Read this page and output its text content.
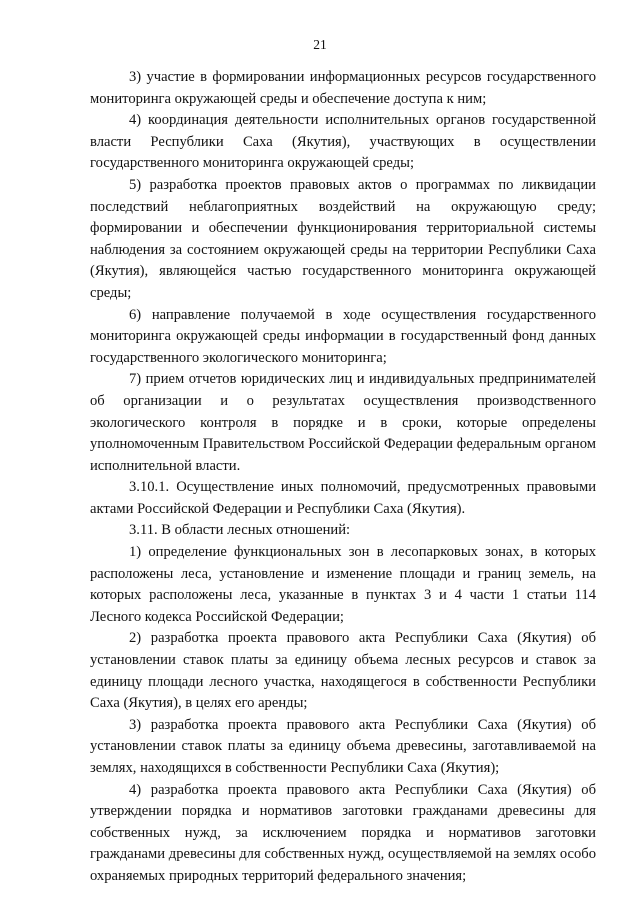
21

3) участие в формировании информационных ресурсов государственного мониторинга окружающей среды и обеспечение доступа к ним;

4) координация деятельности исполнительных органов государственной власти Республики Саха (Якутия), участвующих в осуществлении государственного мониторинга окружающей среды;

5) разработка проектов правовых актов о программах по ликвидации последствий неблагоприятных воздействий на окружающую среду; формировании и обеспечении функционирования территориальной системы наблюдения за состоянием окружающей среды на территории Республики Саха (Якутия), являющейся частью государственного мониторинга окружающей среды;

6) направление получаемой в ходе осуществления государственного мониторинга окружающей среды информации в государственный фонд данных государственного экологического мониторинга;

7) прием отчетов юридических лиц и индивидуальных предпринимателей об организации и о результатах осуществления производственного экологического контроля в порядке и в сроки, которые определены уполномоченным Правительством Российской Федерации федеральным органом исполнительной власти.

3.10.1. Осуществление иных полномочий, предусмотренных правовыми актами Российской Федерации и Республики Саха (Якутия).

3.11. В области лесных отношений:

1) определение функциональных зон в лесопарковых зонах, в которых расположены леса, установление и изменение площади и границ земель, на которых расположены леса, указанные в пунктах 3 и 4 части 1 статьи 114 Лесного кодекса Российской Федерации;

2) разработка проекта правового акта Республики Саха (Якутия) об установлении ставок платы за единицу объема лесных ресурсов и ставок за единицу площади лесного участка, находящегося в собственности Республики Саха (Якутия), в целях его аренды;

3) разработка проекта правового акта Республики Саха (Якутия) об установлении ставок платы за единицу объема древесины, заготавливаемой на землях, находящихся в собственности Республики Саха (Якутия);

4) разработка проекта правового акта Республики Саха (Якутия) об утверждении порядка и нормативов заготовки гражданами древесины для собственных нужд, за исключением порядка и нормативов заготовки гражданами древесины для собственных нужд, осуществляемой на землях особо охраняемых природных территорий федерального значения;
